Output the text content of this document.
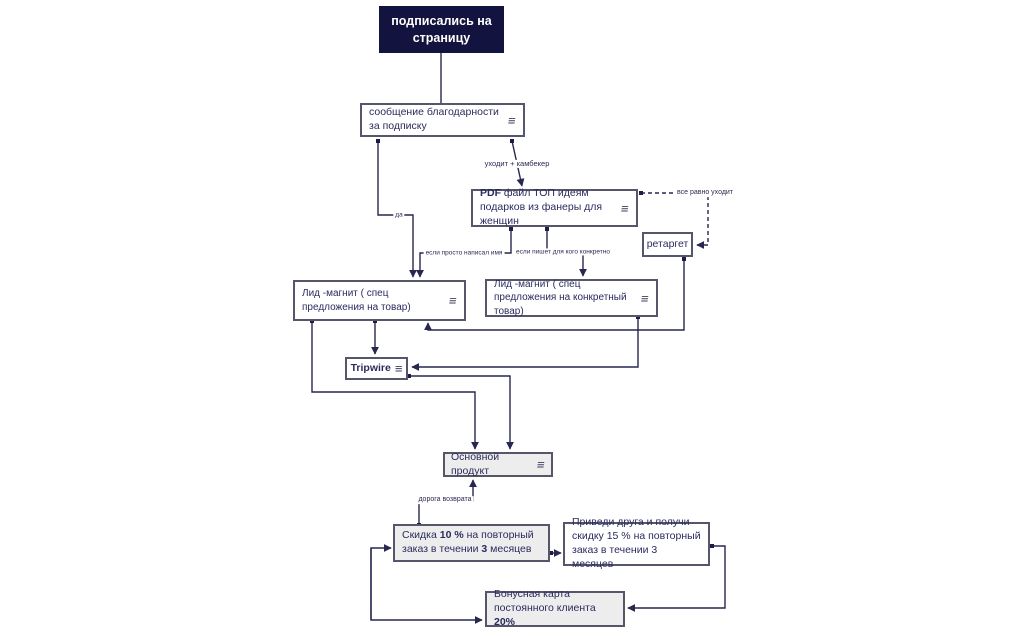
подписались на страницу
сообщение благодарности за подписку	≡
PDF файл ТОП идеям подарков из фанеры для женщин
≡
ретаргет
Лид -магнит ( спец предложения на товар)	≡
Лид -магнит ( спец предложения на конкретный товар)
≡
Tripwire ≡
Основной продукт	≡
Скидка 10 % на повторный заказ в течении 3 месяцев
Приведи друга и получи скидку 15 % на повторный заказ в течении 3 месяцев
Бонусная карта постоянного клиента 20%
да
уходит + камбекер
все равно уходит
если просто написал имя	если пишет для кого конкретно
дорога возврата
